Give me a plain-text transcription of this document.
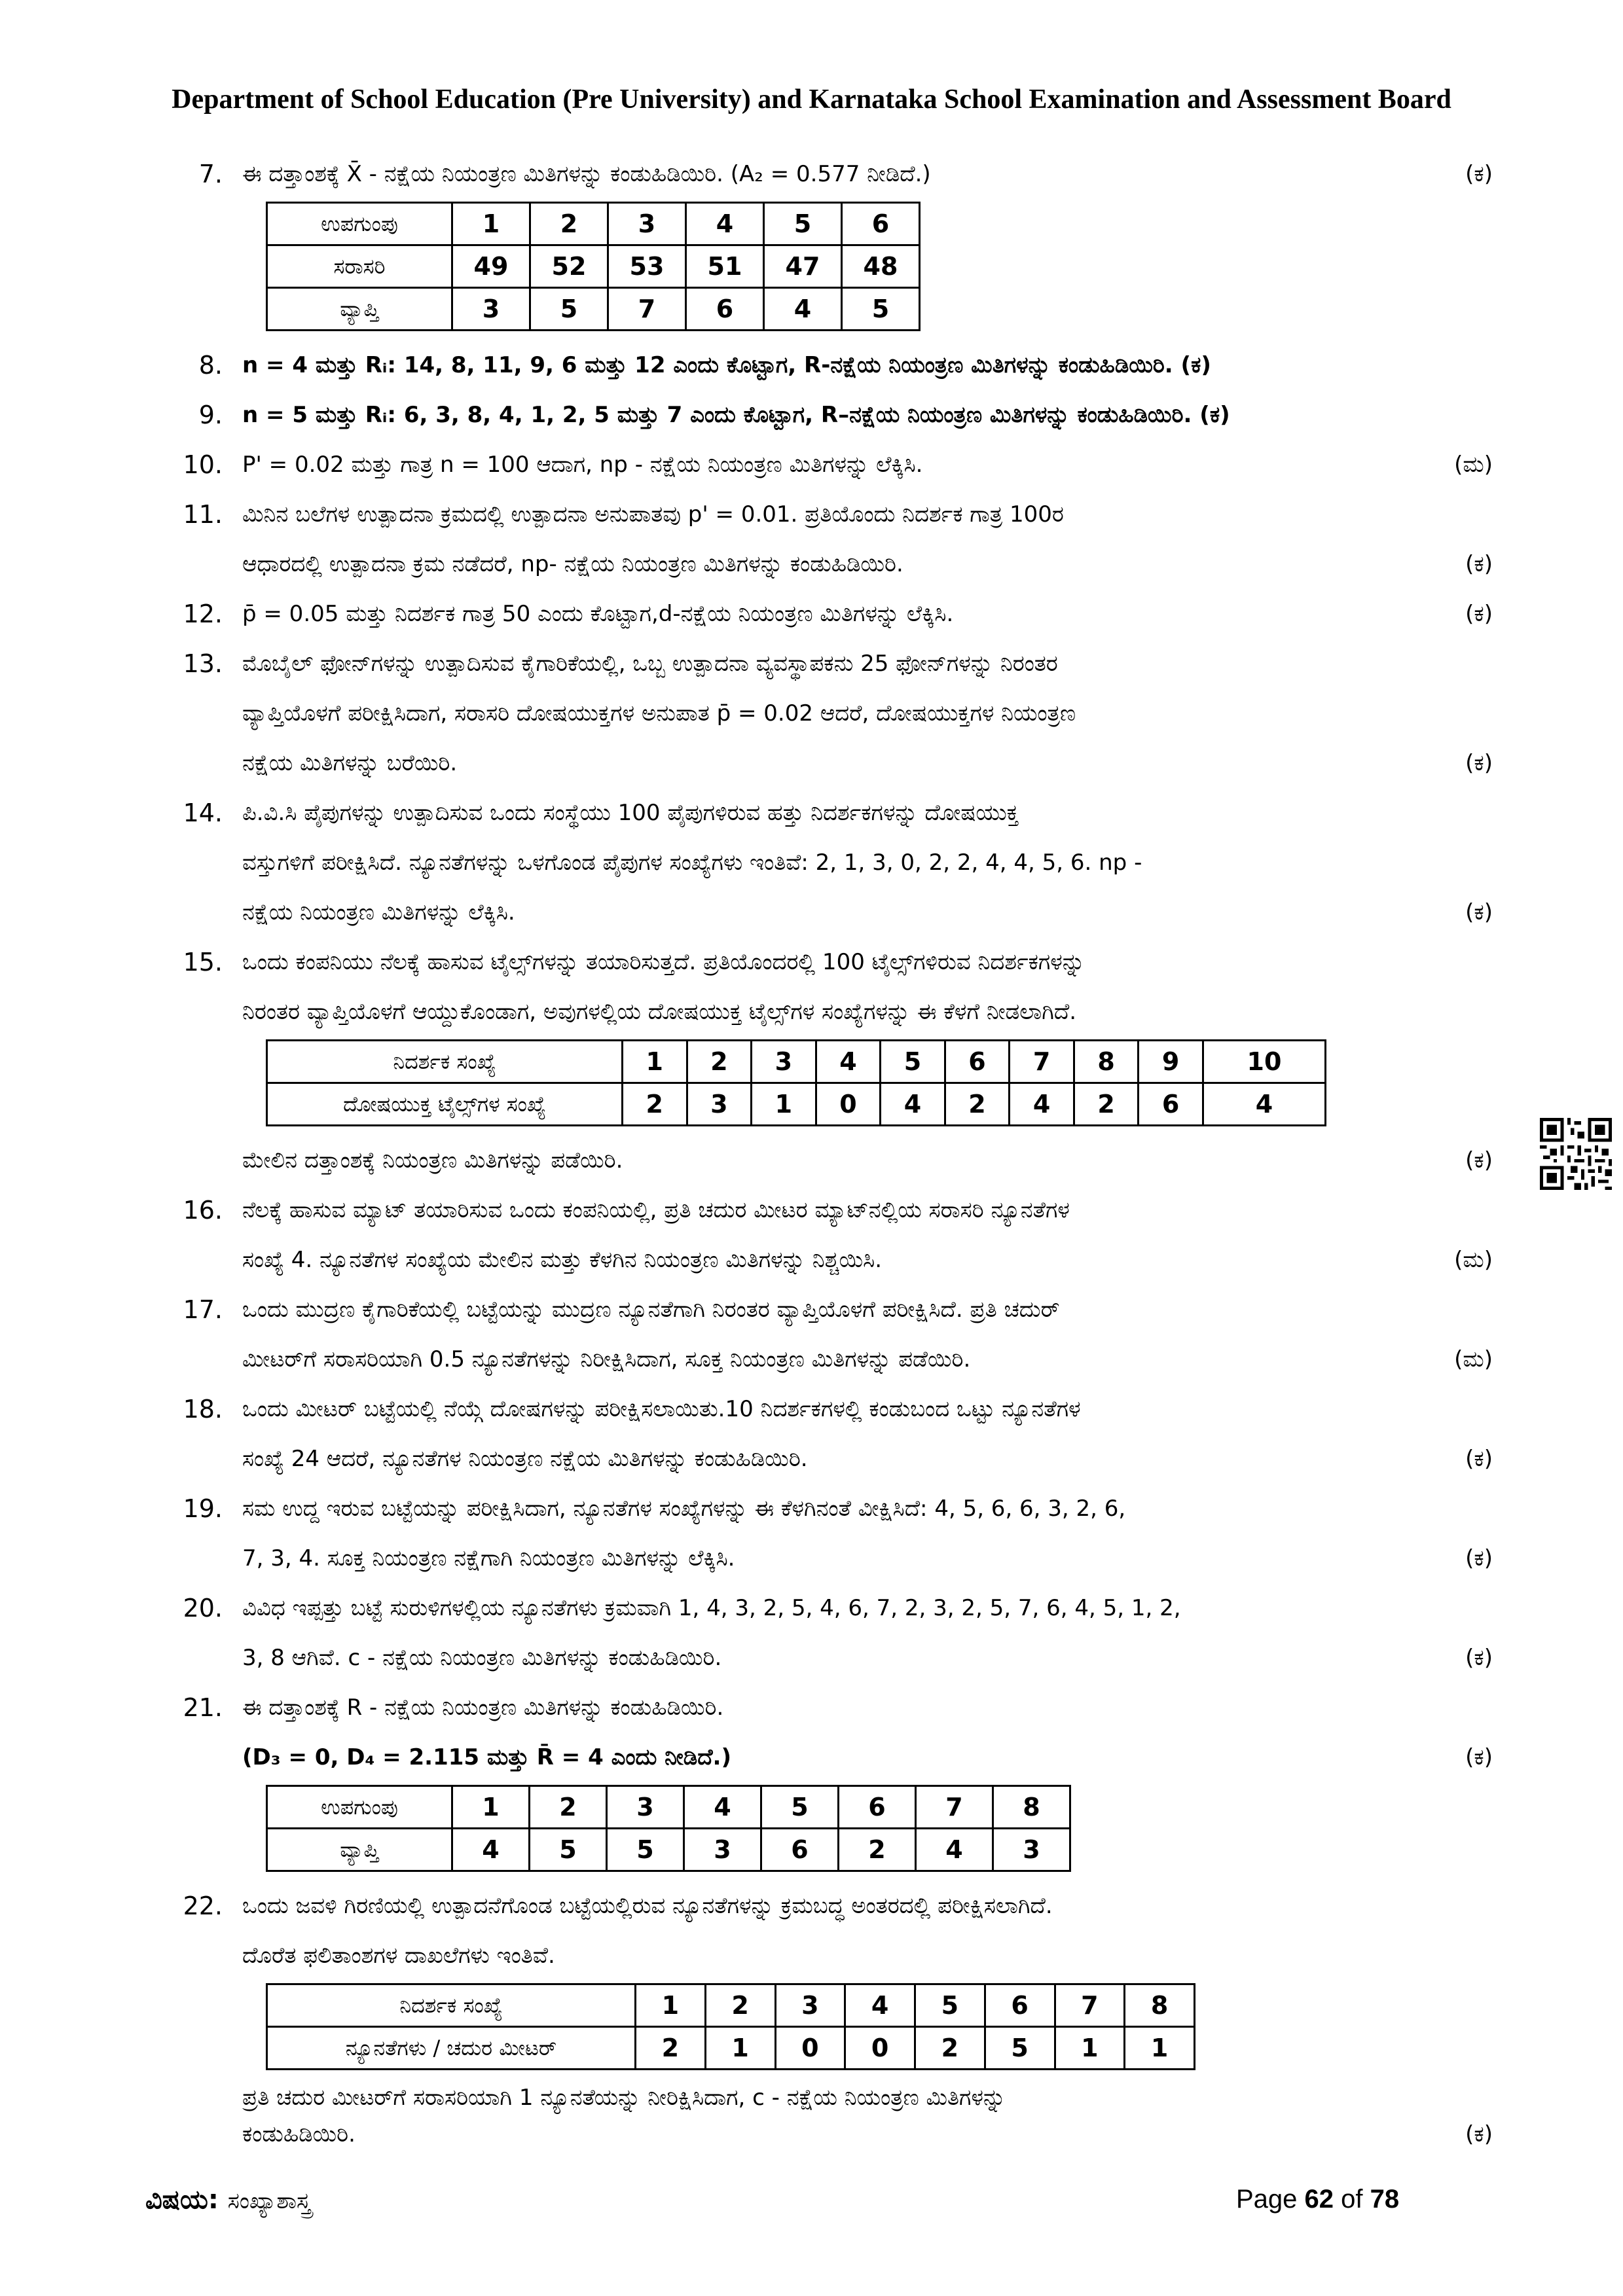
Department of School Education (Pre University) and Karnataka School Examination and Assessment Board
7. ಈ ದತ್ತಾಂಶಕ್ಕೆ X̄ - ನಕ್ಷೆಯ ನಿಯಂತ್ರಣ ಮಿತಿಗಳನ್ನು ಕಂಡುಹಿಡಿಯಿರಿ. (A₂ = 0.577 ನೀಡಿದೆ.)	(ಕ)
ಉಪಗುಂಪು	1	2	3	4	5	6
ಸರಾಸರಿ	49	52	53	51	47	48
ವ್ಯಾಪ್ತಿ	3	5	7	6	4	5
8. n = 4 ಮತ್ತು Rᵢ: 14, 8, 11, 9, 6 ಮತ್ತು 12 ಎಂದು ಕೊಟ್ಟಾಗ, R-ನಕ್ಷೆಯ ನಿಯಂತ್ರಣ ಮಿತಿಗಳನ್ನು ಕಂಡುಹಿಡಿಯಿರಿ. (ಕ)
9. n = 5 ಮತ್ತು Rᵢ: 6, 3, 8, 4, 1, 2, 5 ಮತ್ತು 7 ಎಂದು ಕೊಟ್ಟಾಗ, R–ನಕ್ಷೆಯ ನಿಯಂತ್ರಣ ಮಿತಿಗಳನ್ನು ಕಂಡುಹಿಡಿಯಿರಿ. (ಕ)
10. P' = 0.02 ಮತ್ತು ಗಾತ್ರ n = 100 ಆದಾಗ, np - ನಕ್ಷೆಯ ನಿಯಂತ್ರಣ ಮಿತಿಗಳನ್ನು ಲೆಕ್ಕಿಸಿ.	(ಮ)
11. ಮಿನಿನ ಬಲೆಗಳ ಉತ್ಪಾದನಾ ಕ್ರಮದಲ್ಲಿ ಉತ್ಪಾದನಾ ಅನುಪಾತವು p' = 0.01. ಪ್ರತಿಯೊಂದು ನಿದರ್ಶಕ ಗಾತ್ರ 100ರ
ಆಧಾರದಲ್ಲಿ ಉತ್ಪಾದನಾ ಕ್ರಮ ನಡೆದರೆ, np- ನಕ್ಷೆಯ ನಿಯಂತ್ರಣ ಮಿತಿಗಳನ್ನು ಕಂಡುಹಿಡಿಯಿರಿ.	(ಕ)
12. p̄ = 0.05 ಮತ್ತು ನಿದರ್ಶಕ ಗಾತ್ರ 50 ಎಂದು ಕೊಟ್ಟಾಗ,d-ನಕ್ಷೆಯ ನಿಯಂತ್ರಣ ಮಿತಿಗಳನ್ನು ಲೆಕ್ಕಿಸಿ.	(ಕ)
13. ಮೊಬೈಲ್ ಫೋನ್‌ಗಳನ್ನು ಉತ್ಪಾದಿಸುವ ಕೈಗಾರಿಕೆಯಲ್ಲಿ, ಒಬ್ಬ ಉತ್ಪಾದನಾ ವ್ಯವಸ್ಥಾಪಕನು 25 ಫೋನ್‌ಗಳನ್ನು ನಿರಂತರ
ವ್ಯಾಪ್ತಿಯೊಳಗೆ ಪರೀಕ್ಷಿಸಿದಾಗ, ಸರಾಸರಿ ದೋಷಯುಕ್ತಗಳ ಅನುಪಾತ p̄ = 0.02 ಆದರೆ, ದೋಷಯುಕ್ತಗಳ ನಿಯಂತ್ರಣ
ನಕ್ಷೆಯ ಮಿತಿಗಳನ್ನು ಬರೆಯಿರಿ.	(ಕ)
14. ಪಿ.ವಿ.ಸಿ ಪೈಪುಗಳನ್ನು ಉತ್ಪಾದಿಸುವ ಒಂದು ಸಂಸ್ಥೆಯು 100 ಪೈಪುಗಳಿರುವ ಹತ್ತು ನಿದರ್ಶಕಗಳನ್ನು ದೋಷಯುಕ್ತ
ವಸ್ತುಗಳಿಗೆ ಪರೀಕ್ಷಿಸಿದೆ. ನ್ಯೂನತೆಗಳನ್ನು ಒಳಗೊಂಡ ಪೈಪುಗಳ ಸಂಖ್ಯೆಗಳು ಇಂತಿವೆ: 2, 1, 3, 0, 2, 2, 4, 4, 5, 6. np -
ನಕ್ಷೆಯ ನಿಯಂತ್ರಣ ಮಿತಿಗಳನ್ನು ಲೆಕ್ಕಿಸಿ.	(ಕ)
15. ಒಂದು ಕಂಪನಿಯು ನೆಲಕ್ಕೆ ಹಾಸುವ ಟೈಲ್ಸ್‌ಗಳನ್ನು ತಯಾರಿಸುತ್ತದೆ. ಪ್ರತಿಯೊಂದರಲ್ಲಿ 100 ಟೈಲ್ಸ್‌ಗಳಿರುವ ನಿದರ್ಶಕಗಳನ್ನು
ನಿರಂತರ ವ್ಯಾಪ್ತಿಯೊಳಗೆ ಆಯ್ದುಕೊಂಡಾಗ, ಅವುಗಳಲ್ಲಿಯ ದೋಷಯುಕ್ತ ಟೈಲ್ಸ್‌ಗಳ ಸಂಖ್ಯೆಗಳನ್ನು ಈ ಕೆಳಗೆ ನೀಡಲಾಗಿದೆ.
ನಿದರ್ಶಕ ಸಂಖ್ಯೆ	1	2	3	4	5	6	7	8	9	10
ದೋಷಯುಕ್ತ ಟೈಲ್ಸ್‌ಗಳ ಸಂಖ್ಯೆ	2	3	1	0	4	2	4	2	6	4
ಮೇಲಿನ ದತ್ತಾಂಶಕ್ಕೆ ನಿಯಂತ್ರಣ ಮಿತಿಗಳನ್ನು ಪಡೆಯಿರಿ.	(ಕ)
16. ನೆಲಕ್ಕೆ ಹಾಸುವ ಮ್ಯಾಟ್ ತಯಾರಿಸುವ ಒಂದು ಕಂಪನಿಯಲ್ಲಿ, ಪ್ರತಿ ಚದುರ ಮೀಟರ ಮ್ಯಾಟ್‌ನಲ್ಲಿಯ ಸರಾಸರಿ ನ್ಯೂನತೆಗಳ
ಸಂಖ್ಯೆ 4. ನ್ಯೂನತೆಗಳ ಸಂಖ್ಯೆಯ ಮೇಲಿನ ಮತ್ತು ಕೆಳಗಿನ ನಿಯಂತ್ರಣ ಮಿತಿಗಳನ್ನು ನಿಶ್ಚಯಿಸಿ.	(ಮ)
17. ಒಂದು ಮುದ್ರಣ ಕೈಗಾರಿಕೆಯಲ್ಲಿ ಬಟ್ಟೆಯನ್ನು ಮುದ್ರಣ ನ್ಯೂನತೆಗಾಗಿ ನಿರಂತರ ವ್ಯಾಪ್ತಿಯೊಳಗೆ ಪರೀಕ್ಷಿಸಿದೆ. ಪ್ರತಿ ಚದುರ್
ಮೀಟರ್‌ಗೆ ಸರಾಸರಿಯಾಗಿ 0.5 ನ್ಯೂನತೆಗಳನ್ನು ನಿರೀಕ್ಷಿಸಿದಾಗ, ಸೂಕ್ತ ನಿಯಂತ್ರಣ ಮಿತಿಗಳನ್ನು ಪಡೆಯಿರಿ.	(ಮ)
18. ಒಂದು ಮೀಟರ್ ಬಟ್ಟೆಯಲ್ಲಿ ನೆಯ್ಗೆ ದೋಷಗಳನ್ನು ಪರೀಕ್ಷಿಸಲಾಯಿತು.10 ನಿದರ್ಶಕಗಳಲ್ಲಿ ಕಂಡುಬಂದ ಒಟ್ಟು ನ್ಯೂನತೆಗಳ
ಸಂಖ್ಯೆ 24 ಆದರೆ, ನ್ಯೂನತೆಗಳ ನಿಯಂತ್ರಣ ನಕ್ಷೆಯ ಮಿತಿಗಳನ್ನು ಕಂಡುಹಿಡಿಯಿರಿ.	(ಕ)
19. ಸಮ ಉದ್ದ ಇರುವ ಬಟ್ಟೆಯನ್ನು ಪರೀಕ್ಷಿಸಿದಾಗ, ನ್ಯೂನತೆಗಳ ಸಂಖ್ಯೆಗಳನ್ನು ಈ ಕೆಳಗಿನಂತೆ ವೀಕ್ಷಿಸಿದೆ: 4, 5, 6, 6, 3, 2, 6,
7, 3, 4. ಸೂಕ್ತ ನಿಯಂತ್ರಣ ನಕ್ಷೆಗಾಗಿ ನಿಯಂತ್ರಣ ಮಿತಿಗಳನ್ನು ಲೆಕ್ಕಿಸಿ.	(ಕ)
20. ವಿವಿಧ ಇಪ್ಪತ್ತು ಬಟ್ಟೆ ಸುರುಳಿಗಳಲ್ಲಿಯ ನ್ಯೂನತೆಗಳು ಕ್ರಮವಾಗಿ 1, 4, 3, 2, 5, 4, 6, 7, 2, 3, 2, 5, 7, 6, 4, 5, 1, 2,
3, 8 ಆಗಿವೆ. c - ನಕ್ಷೆಯ ನಿಯಂತ್ರಣ ಮಿತಿಗಳನ್ನು ಕಂಡುಹಿಡಿಯಿರಿ.	(ಕ)
21. ಈ ದತ್ತಾಂಶಕ್ಕೆ R - ನಕ್ಷೆಯ ನಿಯಂತ್ರಣ ಮಿತಿಗಳನ್ನು ಕಂಡುಹಿಡಿಯಿರಿ.
(D₃ = 0, D₄ = 2.115 ಮತ್ತು R̄ = 4 ಎಂದು ನೀಡಿದೆ.)	(ಕ)
ಉಪಗುಂಪು	1	2	3	4	5	6	7	8
ವ್ಯಾಪ್ತಿ	4	5	5	3	6	2	4	3
22. ಒಂದು ಜವಳಿ ಗಿರಣಿಯಲ್ಲಿ ಉತ್ಪಾದನೆಗೊಂಡ ಬಟ್ಟೆಯಲ್ಲಿರುವ ನ್ಯೂನತೆಗಳನ್ನು ಕ್ರಮಬದ್ಧ ಅಂತರದಲ್ಲಿ ಪರೀಕ್ಷಿಸಲಾಗಿದೆ.
ದೊರೆತ ಫಲಿತಾಂಶಗಳ ದಾಖಲೆಗಳು ಇಂತಿವೆ.
ನಿದರ್ಶಕ ಸಂಖ್ಯೆ	1	2	3	4	5	6	7	8
ನ್ಯೂನತೆಗಳು / ಚದುರ ಮೀಟರ್	2	1	0	0	2	5	1	1
ಪ್ರತಿ ಚದುರ ಮೀಟರ್‌ಗೆ ಸರಾಸರಿಯಾಗಿ 1 ನ್ಯೂನತೆಯನ್ನು ನೀರಿಕ್ಷಿಸಿದಾಗ, c - ನಕ್ಷೆಯ ನಿಯಂತ್ರಣ ಮಿತಿಗಳನ್ನು
ಕಂಡುಹಿಡಿಯಿರಿ.	(ಕ)
ವಿಷಯ: ಸಂಖ್ಯಾಶಾಸ್ತ್ರ	Page 62 of 78
